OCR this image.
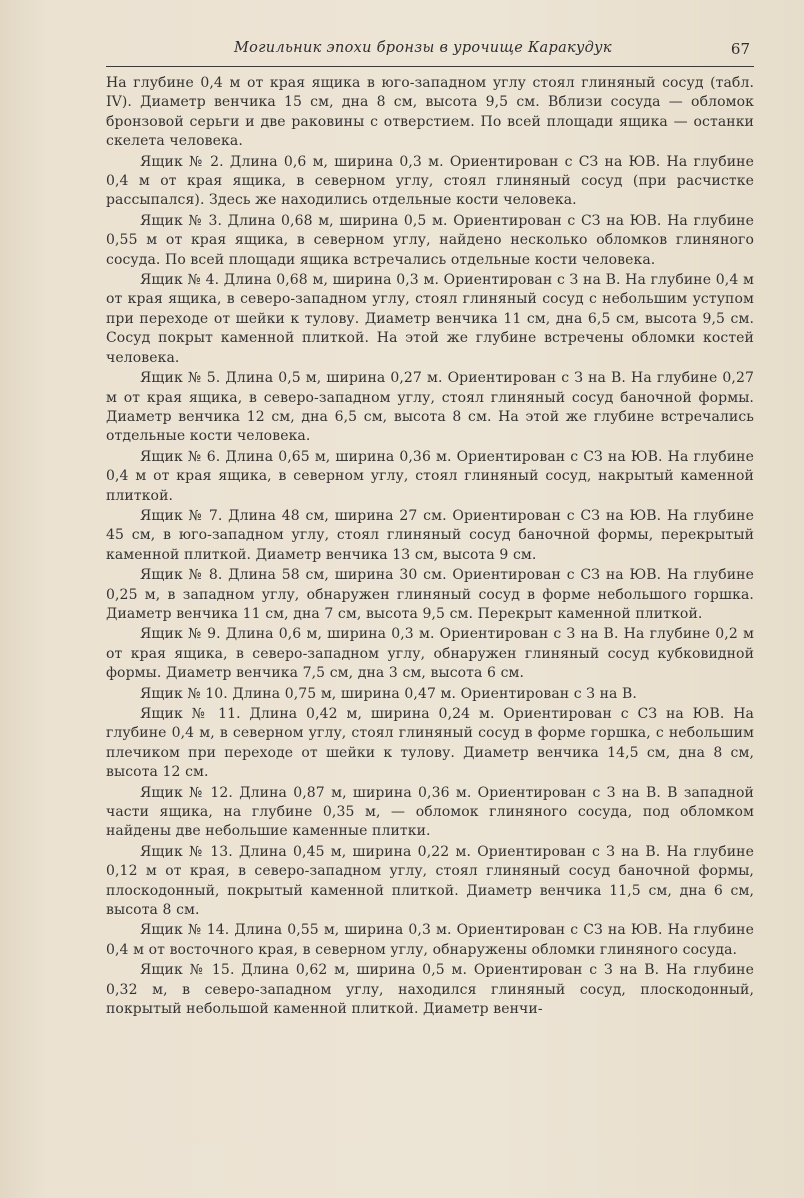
Могильник эпохи бронзы в урочище Каракудук	67

На глубине 0,4 м от края ящика в юго-западном углу стоял глиняный сосуд (табл. IV). Диаметр венчика 15 см, дна 8 см, высота 9,5 см. Вблизи сосуда — обломок бронзовой серьги и две раковины с отверстием. По всей площади ящика — останки скелета человека.

Ящик № 2. Длина 0,6 м, ширина 0,3 м. Ориентирован с СЗ на ЮВ. На глубине 0,4 м от края ящика, в северном углу, стоял глиняный сосуд (при расчистке рассыпался). Здесь же находились отдельные кости человека.

Ящик № 3. Длина 0,68 м, ширина 0,5 м. Ориентирован с СЗ на ЮВ. На глубине 0,55 м от края ящика, в северном углу, найдено несколько обломков глиняного сосуда. По всей площади ящика встречались отдельные кости человека.

Ящик № 4. Длина 0,68 м, ширина 0,3 м. Ориентирован с З на В. На глубине 0,4 м от края ящика, в северо-западном углу, стоял глиняный сосуд с небольшим уступом при переходе от шейки к тулову. Диаметр венчика 11 см, дна 6,5 см, высота 9,5 см. Сосуд покрыт каменной плиткой. На этой же глубине встречены обломки костей человека.

Ящик № 5. Длина 0,5 м, ширина 0,27 м. Ориентирован с З на В. На глубине 0,27 м от края ящика, в северо-западном углу, стоял глиняный сосуд баночной формы. Диаметр венчика 12 см, дна 6,5 см, высота 8 см. На этой же глубине встречались отдельные кости человека.

Ящик № 6. Длина 0,65 м, ширина 0,36 м. Ориентирован с СЗ на ЮВ. На глубине 0,4 м от края ящика, в северном углу, стоял глиняный сосуд, накрытый каменной плиткой.

Ящик № 7. Длина 48 см, ширина 27 см. Ориентирован с СЗ на ЮВ. На глубине 45 см, в юго-западном углу, стоял глиняный сосуд баночной формы, перекрытый каменной плиткой. Диаметр венчика 13 см, высота 9 см.

Ящик № 8. Длина 58 см, ширина 30 см. Ориентирован с СЗ на ЮВ. На глубине 0,25 м, в западном углу, обнаружен глиняный сосуд в форме небольшого горшка. Диаметр венчика 11 см, дна 7 см, высота 9,5 см. Перекрыт каменной плиткой.

Ящик № 9. Длина 0,6 м, ширина 0,3 м. Ориентирован с З на В. На глубине 0,2 м от края ящика, в северо-западном углу, обнаружен глиняный сосуд кубковидной формы. Диаметр венчика 7,5 см, дна 3 см, высота 6 см.

Ящик № 10. Длина 0,75 м, ширина 0,47 м. Ориентирован с З на В.

Ящик № 11. Длина 0,42 м, ширина 0,24 м. Ориентирован с СЗ на ЮВ. На глубине 0,4 м, в северном углу, стоял глиняный сосуд в форме горшка, с небольшим плечиком при переходе от шейки к тулову. Диаметр венчика 14,5 см, дна 8 см, высота 12 см.

Ящик № 12. Длина 0,87 м, ширина 0,36 м. Ориентирован с З на В. В западной части ящика, на глубине 0,35 м, — обломок глиняного сосуда, под обломком найдены две небольшие каменные плитки.

Ящик № 13. Длина 0,45 м, ширина 0,22 м. Ориентирован с З на В. На глубине 0,12 м от края, в северо-западном углу, стоял глиняный сосуд баночной формы, плоскодонный, покрытый каменной плиткой. Диаметр венчика 11,5 см, дна 6 см, высота 8 см.

Ящик № 14. Длина 0,55 м, ширина 0,3 м. Ориентирован с СЗ на ЮВ. На глубине 0,4 м от восточного края, в северном углу, обнаружены обломки глиняного сосуда.

Ящик № 15. Длина 0,62 м, ширина 0,5 м. Ориентирован с З на В. На глубине 0,32 м, в северо-западном углу, находился глиняный сосуд, плоскодонный, покрытый небольшой каменной плиткой. Диаметр венчи-
